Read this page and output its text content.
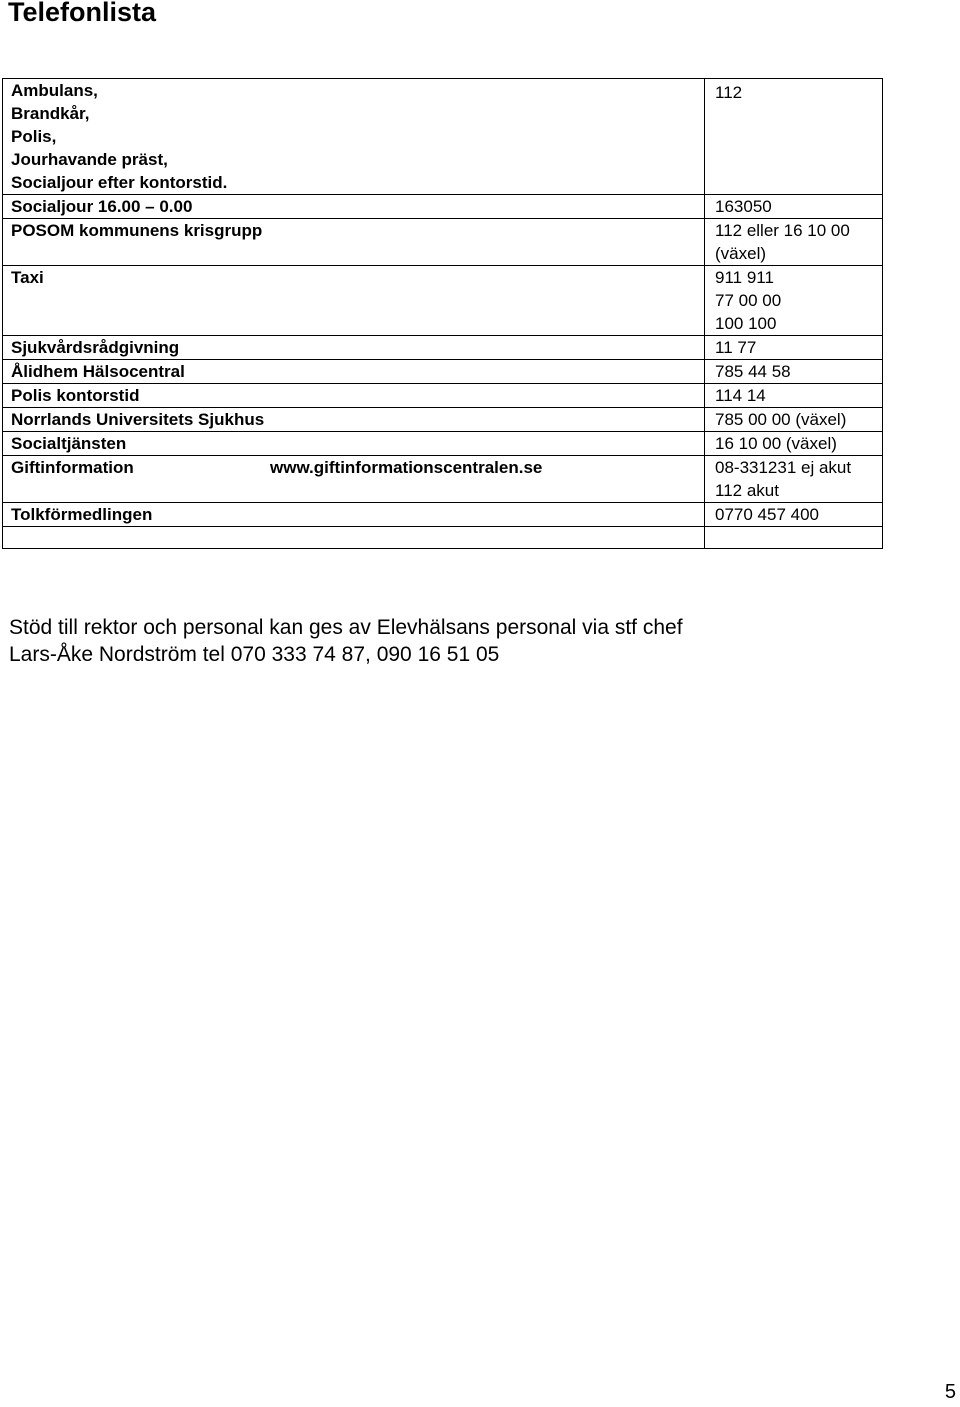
Telefonlista
Ambulans,
Brandkår,
Polis,
Jourhavande präst,
Socialjour efter kontorstid.	112

Socialjour 16.00 – 0.00	163050

POSOM kommunens krisgrupp	112 eller 16 10 00
(växel)

Taxi	911 911
77 00 00
100 100

Sjukvårdsrådgivning	11 77

Ålidhem Hälsocentral	785 44 58

Polis kontorstid	114 14

Norrlands Universitets Sjukhus	785 00 00 (växel)

Socialtjänsten	16 10 00 (växel)

Giftinformation www.giftinformationscentralen.se	08-331231 ej akut
112 akut

Tolkförmedlingen	0770 457 400

Stöd till rektor och personal kan ges av Elevhälsans personal via stf chef
Lars-Åke Nordström tel 070 333 74 87, 090 16 51 05

5
